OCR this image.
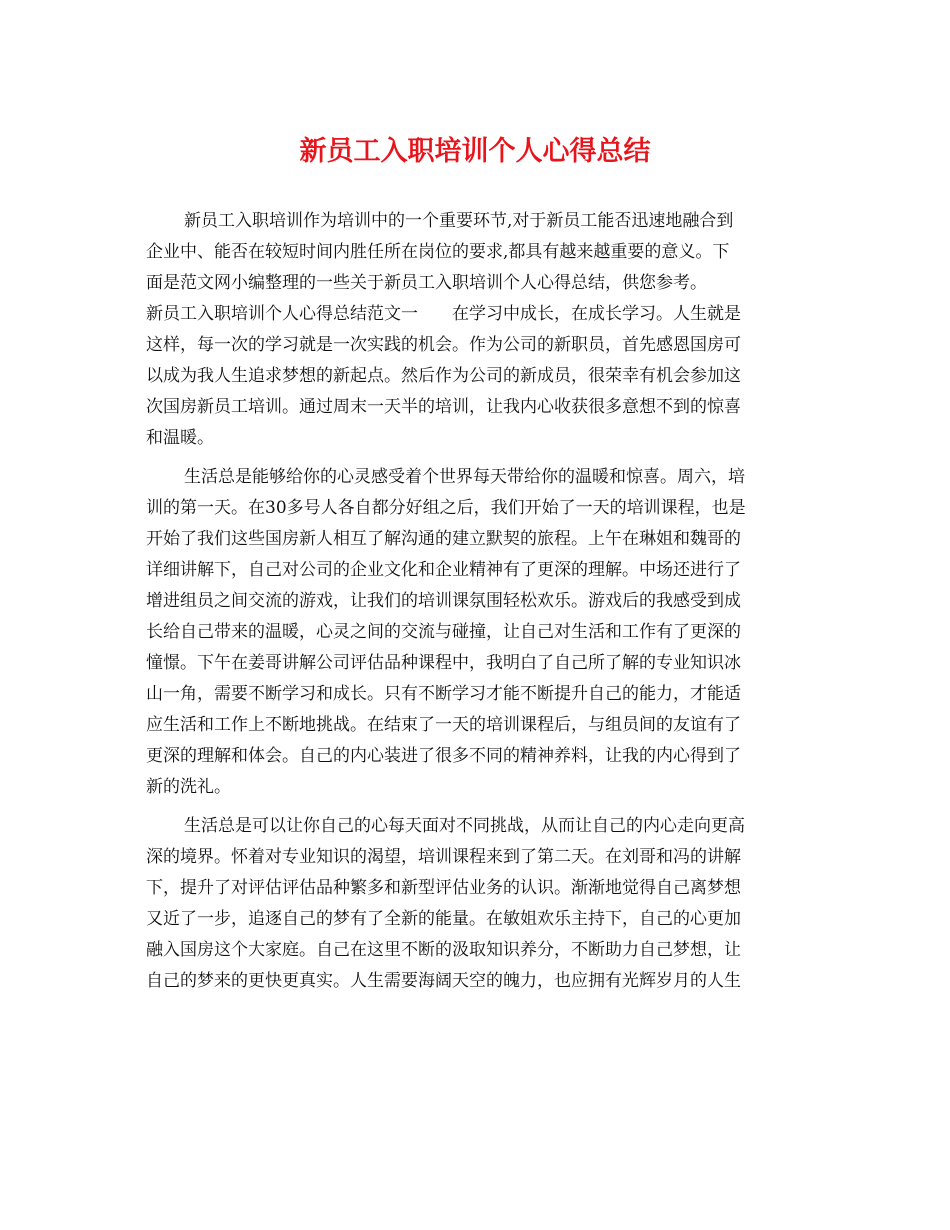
新员工入职培训个人心得总结
新员工入职培训作为培训中的一个重要环节,对于新员工能否迅速地融合到
企业中、能否在较短时间内胜任所在岗位的要求,都具有越来越重要的意义。下
面是范文网小编整理的一些关于新员工入职培训个人心得总结，供您参考。
新员工入职培训个人心得总结范文一　　在学习中成长，在成长学习。人生就是
这样，每一次的学习就是一次实践的机会。作为公司的新职员，首先感恩国房可
以成为我人生追求梦想的新起点。然后作为公司的新成员，很荣幸有机会参加这
次国房新员工培训。通过周末一天半的培训，让我内心收获很多意想不到的惊喜
和温暖。
生活总是能够给你的心灵感受着个世界每天带给你的温暖和惊喜。周六，培
训的第一天。在30多号人各自都分好组之后，我们开始了一天的培训课程，也是
开始了我们这些国房新人相互了解沟通的建立默契的旅程。上午在琳姐和魏哥的
详细讲解下，自己对公司的企业文化和企业精神有了更深的理解。中场还进行了
增进组员之间交流的游戏，让我们的培训课氛围轻松欢乐。游戏后的我感受到成
长给自己带来的温暖，心灵之间的交流与碰撞，让自己对生活和工作有了更深的
憧憬。下午在姜哥讲解公司评估品种课程中，我明白了自己所了解的专业知识冰
山一角，需要不断学习和成长。只有不断学习才能不断提升自己的能力，才能适
应生活和工作上不断地挑战。在结束了一天的培训课程后，与组员间的友谊有了
更深的理解和体会。自己的内心装进了很多不同的精神养料，让我的内心得到了
新的洗礼。
生活总是可以让你自己的心每天面对不同挑战，从而让自己的内心走向更高
深的境界。怀着对专业知识的渴望，培训课程来到了第二天。在刘哥和冯的讲解
下，提升了对评估评估品种繁多和新型评估业务的认识。渐渐地觉得自己离梦想
又近了一步，追逐自己的梦有了全新的能量。在敏姐欢乐主持下，自己的心更加
融入国房这个大家庭。自己在这里不断的汲取知识养分，不断助力自己梦想，让
自己的梦来的更快更真实。人生需要海阔天空的魄力，也应拥有光辉岁月的人生
